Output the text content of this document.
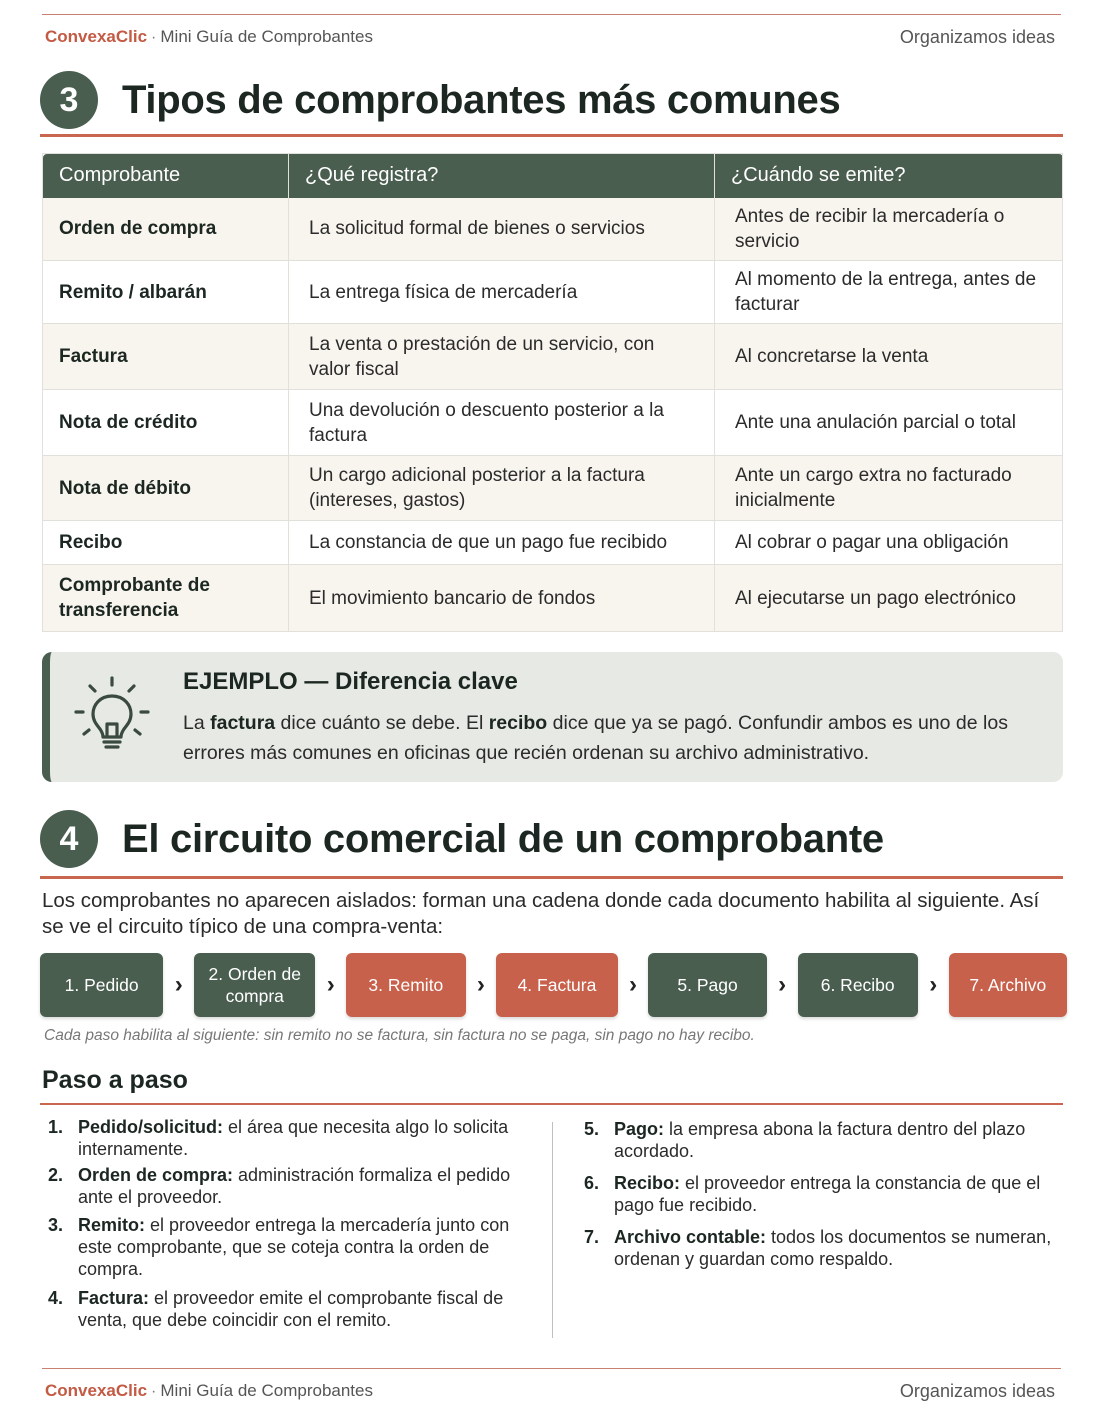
ConvexaClic · Mini Guía de Comprobantes	Organizamos ideas
3	Tipos de comprobantes más comunes
Comprobante	¿Qué registra?	¿Cuándo se emite?
Orden de compra	La solicitud formal de bienes o servicios	Antes de recibir la mercadería o servicio
Remito / albarán	La entrega física de mercadería	Al momento de la entrega, antes de facturar
Factura	La venta o prestación de un servicio, con valor fiscal	Al concretarse la venta
Nota de crédito	Una devolución o descuento posterior a la factura	Ante una anulación parcial o total
Nota de débito	Un cargo adicional posterior a la factura (intereses, gastos)	Ante un cargo extra no facturado inicialmente
Recibo	La constancia de que un pago fue recibido	Al cobrar o pagar una obligación
Comprobante de transferencia	El movimiento bancario de fondos	Al ejecutarse un pago electrónico
EJEMPLO — Diferencia clave
La factura dice cuánto se debe. El recibo dice que ya se pagó. Confundir ambos es uno de los errores más comunes en oficinas que recién ordenan su archivo administrativo.
4	El circuito comercial de un comprobante
Los comprobantes no aparecen aislados: forman una cadena donde cada documento habilita al siguiente. Así se ve el circuito típico de una compra-venta:
1. Pedido	›	2. Orden de compra	›	3. Remito	›	4. Factura	›	5. Pago	›	6. Recibo	›	7. Archivo
Cada paso habilita al siguiente: sin remito no se factura, sin factura no se paga, sin pago no hay recibo.
Paso a paso
1. Pedido/solicitud: el área que necesita algo lo solicita internamente.
2. Orden de compra: administración formaliza el pedido ante el proveedor.
3. Remito: el proveedor entrega la mercadería junto con este comprobante, que se coteja contra la orden de compra.
4. Factura: el proveedor emite el comprobante fiscal de venta, que debe coincidir con el remito.
5. Pago: la empresa abona la factura dentro del plazo acordado.
6. Recibo: el proveedor entrega la constancia de que el pago fue recibido.
7. Archivo contable: todos los documentos se numeran, ordenan y guardan como respaldo.
ConvexaClic · Mini Guía de Comprobantes	Organizamos ideas
